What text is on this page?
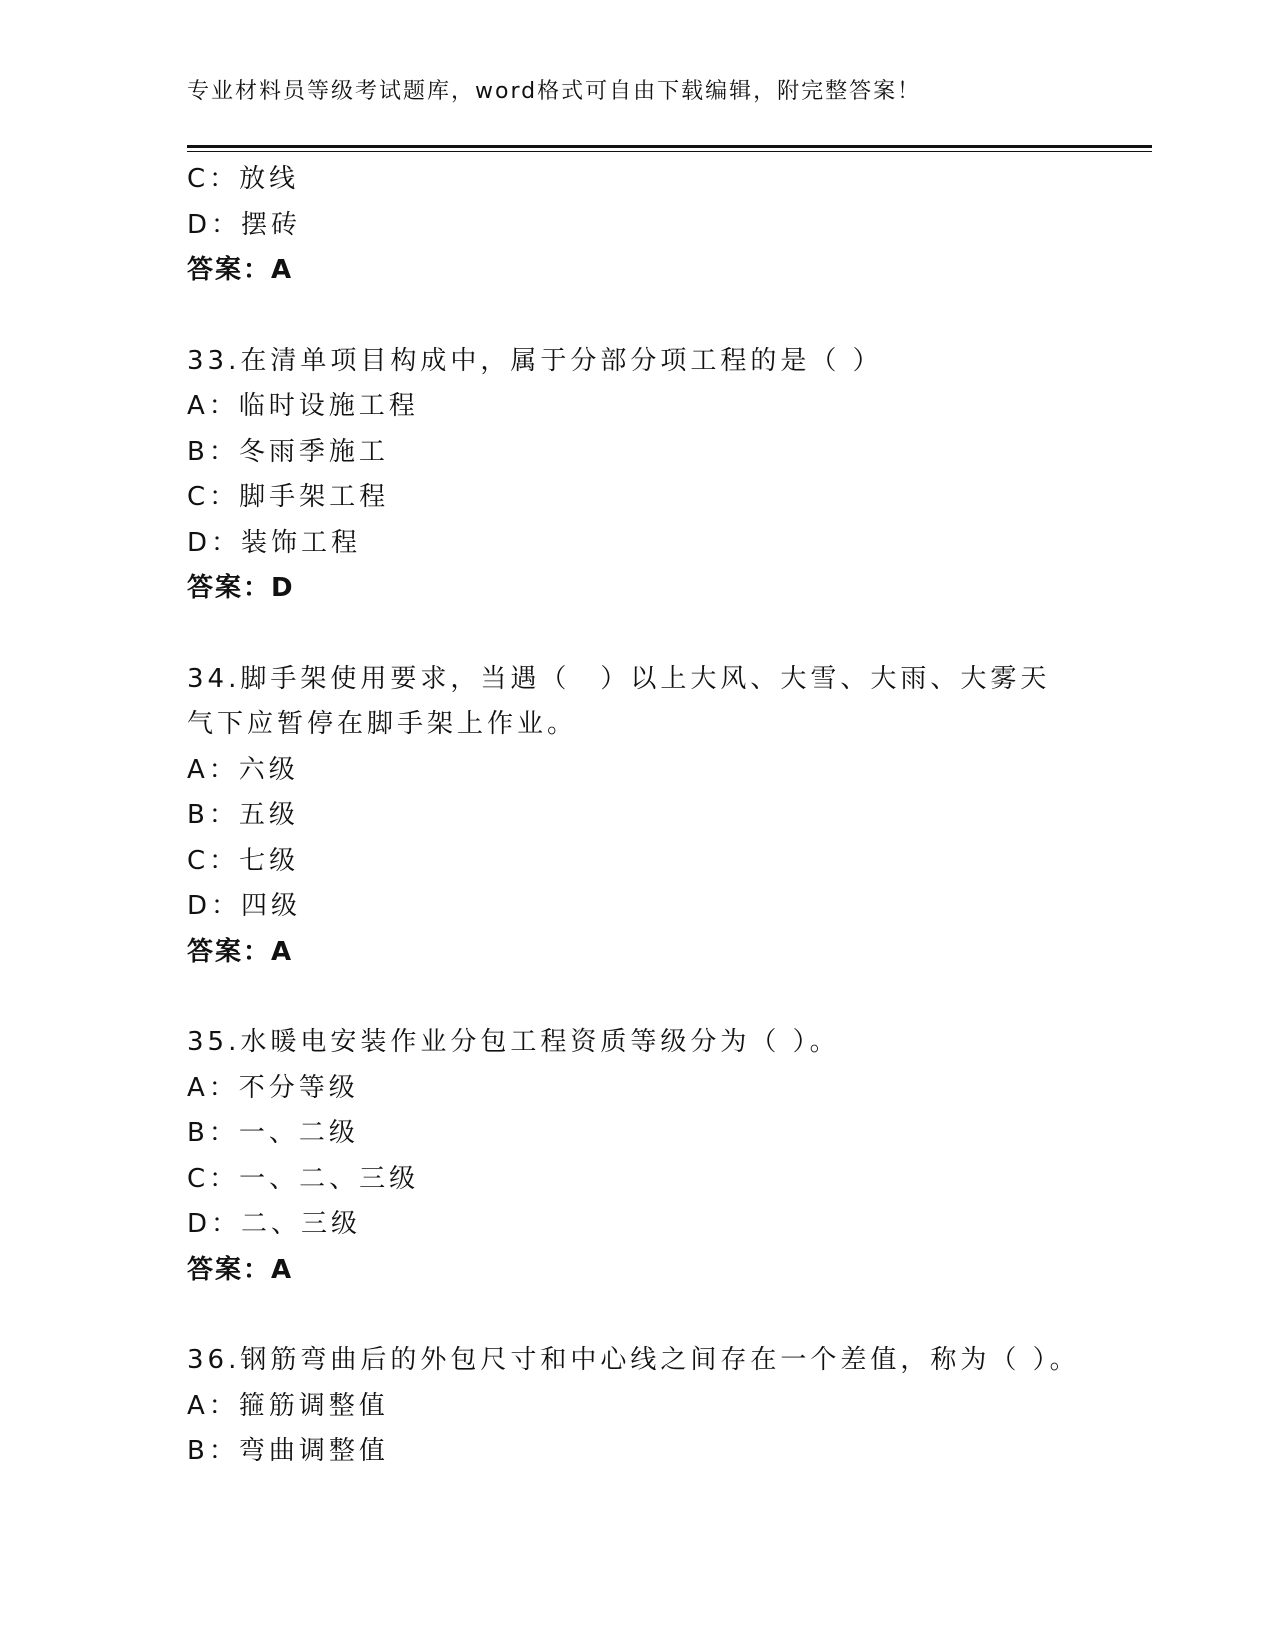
专业材料员等级考试题库，word格式可自由下载编辑，附完整答案！
C：放线
D：摆砖
答案：A
33.在清单项目构成中，属于分部分项工程的是（ ）
A：临时设施工程
B：冬雨季施工
C：脚手架工程
D：装饰工程
答案：D
34.脚手架使用要求，当遇（　）以上大风、大雪、大雨、大雾天气下应暂停在脚手架上作业。
A：六级
B：五级
C：七级
D：四级
答案：A
35.水暖电安装作业分包工程资质等级分为（ ）。
A：不分等级
B：一、二级
C：一、二、三级
D：二、三级
答案：A
36.钢筋弯曲后的外包尺寸和中心线之间存在一个差值，称为（ ）。
A：箍筋调整值
B：弯曲调整值
